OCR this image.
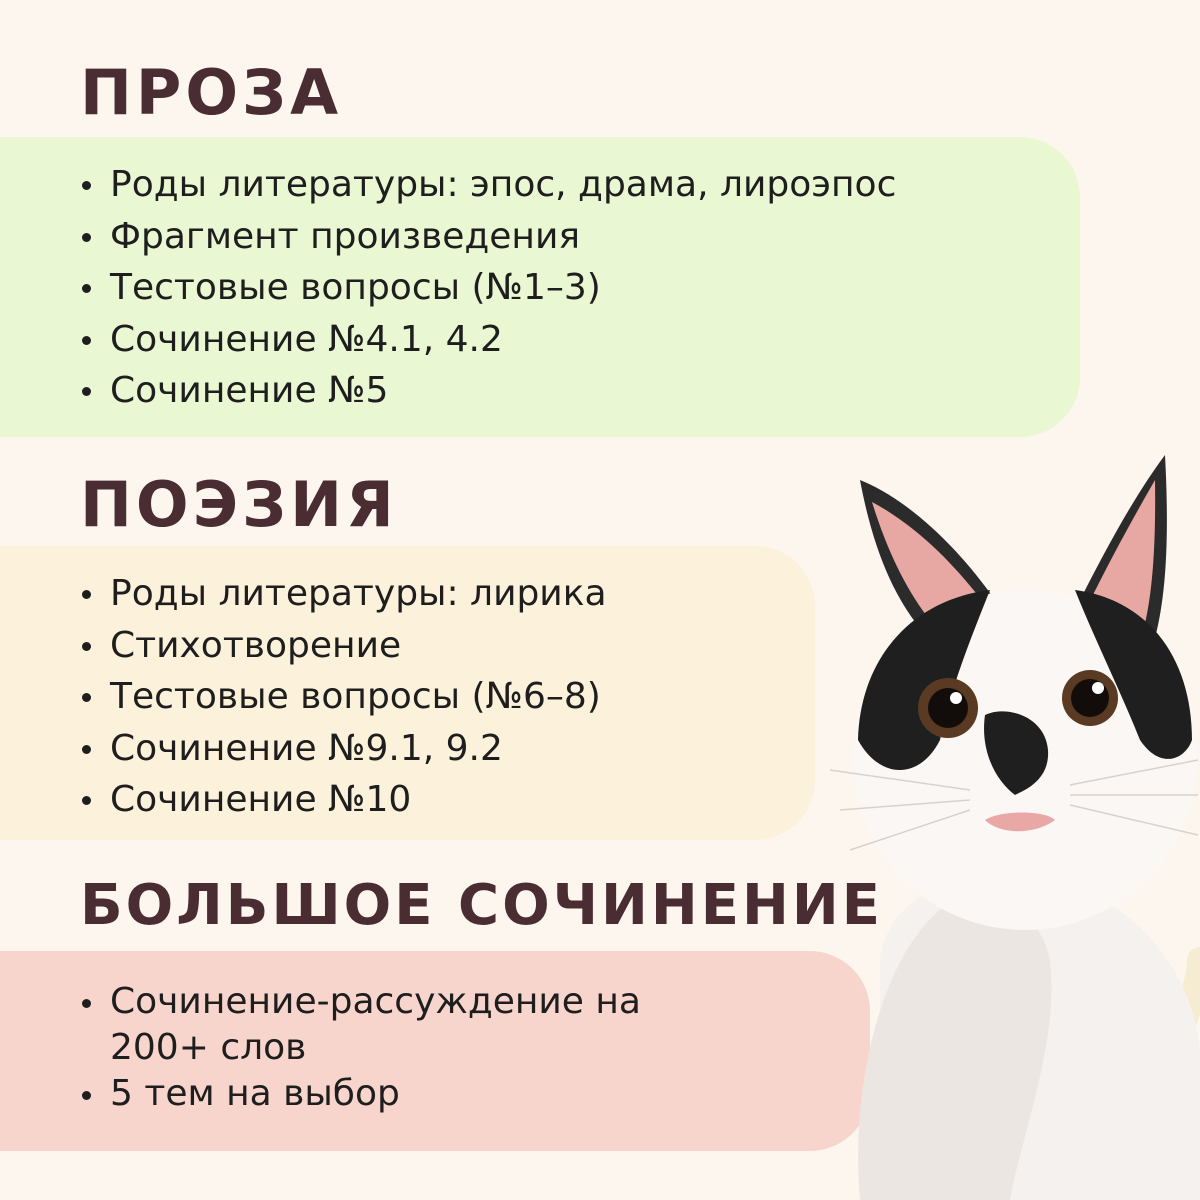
ПРОЗА
Роды литературы: эпос, драма, лироэпос
Фрагмент произведения
Тестовые вопросы (№1–3)
Сочинение №4.1, 4.2
Сочинение №5
ПОЭЗИЯ
Роды литературы: лирика
Стихотворение
Тестовые вопросы (№6–8)
Сочинение №9.1, 9.2
Сочинение №10
БОЛЬШОЕ СОЧИНЕНИЕ
Сочинение-рассуждение на 200+ слов
5 тем на выбор
